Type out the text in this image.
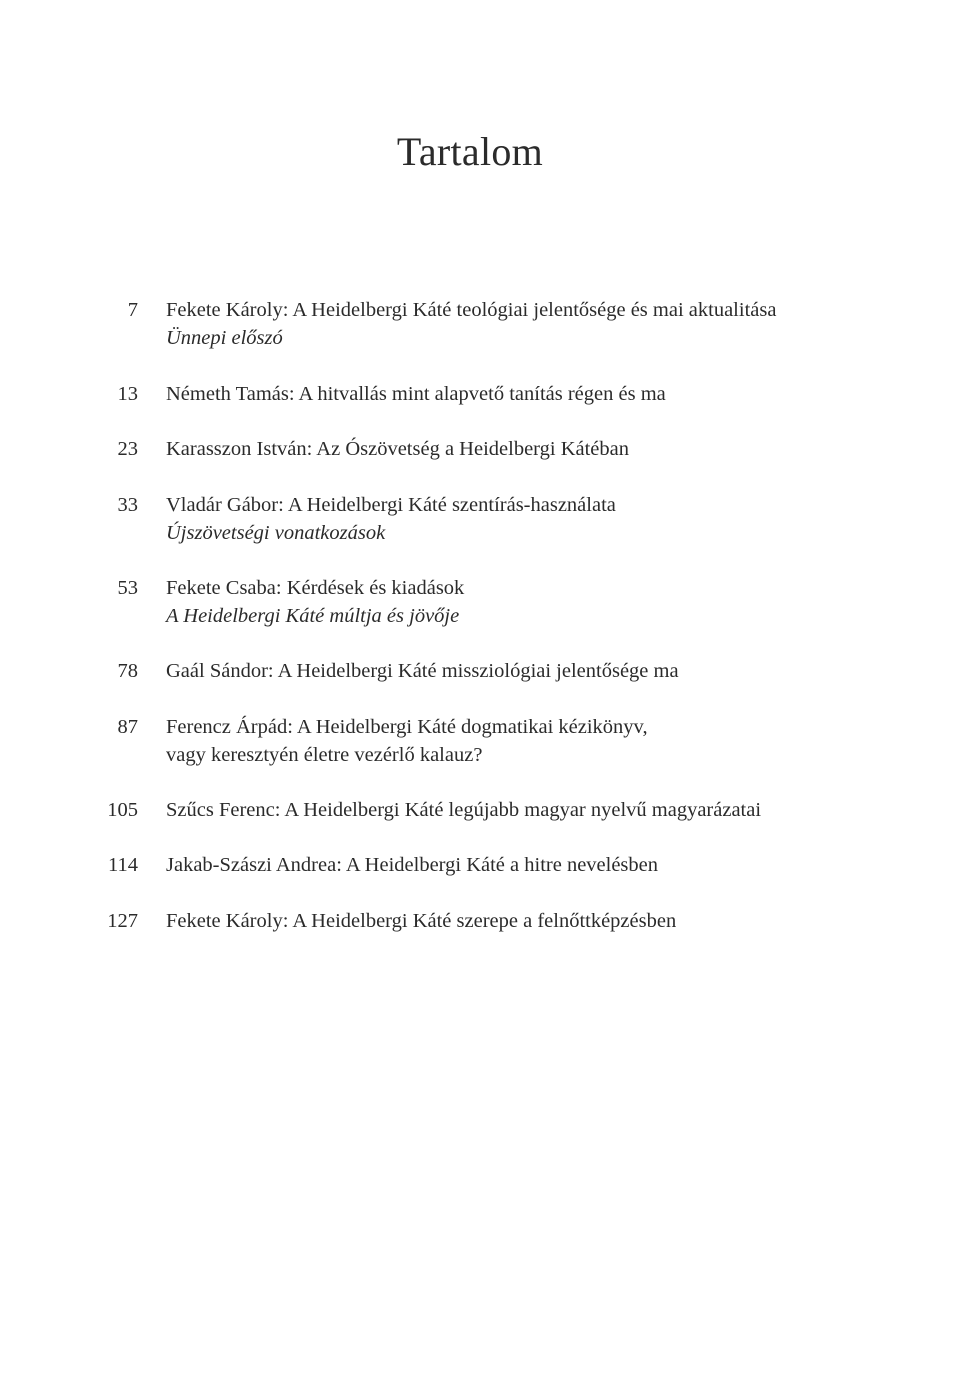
Tartalom
7 Fekete Károly: A Heidelbergi Káté teológiai jelentősége és mai aktualitása
Ünnepi előszó
13 Németh Tamás: A hitvallás mint alapvető tanítás régen és ma
23 Karasszon István: Az Ószövetség a Heidelbergi Kátéban
33 Vladár Gábor: A Heidelbergi Káté szentírás-használata
Újszövetségi vonatkozások
53 Fekete Csaba: Kérdések és kiadások
A Heidelbergi Káté múltja és jövője
78 Gaál Sándor: A Heidelbergi Káté missziológiai jelentősége ma
87 Ferencz Árpád: A Heidelbergi Káté dogmatikai kézikönyv,
vagy keresztyén életre vezérlő kalauz?
105 Szűcs Ferenc: A Heidelbergi Káté legújabb magyar nyelvű magyarázatai
114 Jakab-Szászi Andrea: A Heidelbergi Káté a hitre nevelésben
127 Fekete Károly: A Heidelbergi Káté szerepe a felnőttképzésben
